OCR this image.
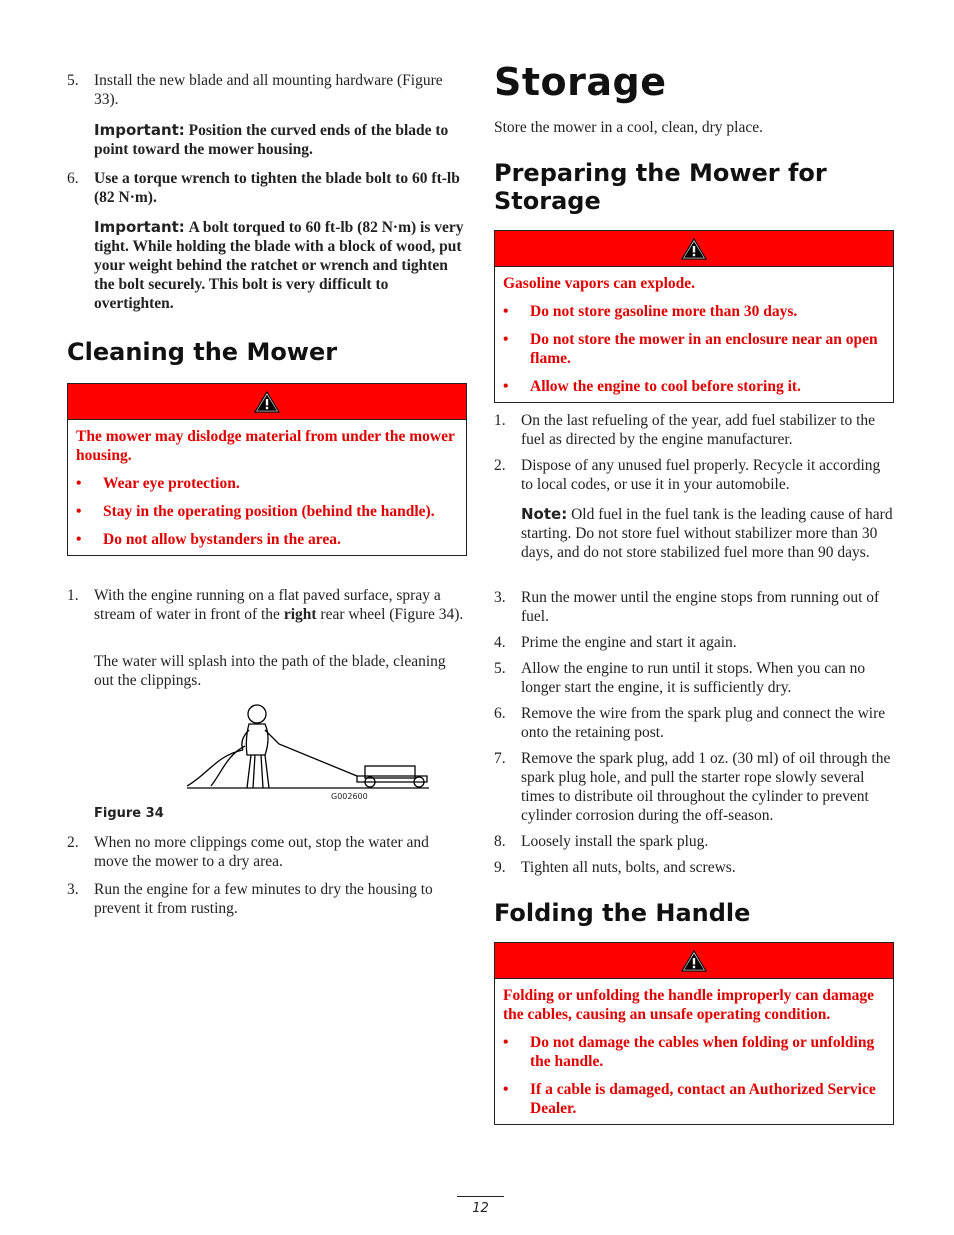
5. Install the new blade and all mounting hardware (Figure 33).
Important: Position the curved ends of the blade to point toward the mower housing.
6. Use a torque wrench to tighten the blade bolt to 60 ft-lb (82 N·m).
Important: A bolt torqued to 60 ft-lb (82 N·m) is very tight. While holding the blade with a block of wood, put your weight behind the ratchet or wrench and tighten the bolt securely. This bolt is very difficult to overtighten.
Cleaning the Mower
The mower may dislodge material from under the mower housing.
• Wear eye protection.
• Stay in the operating position (behind the handle).
• Do not allow bystanders in the area.
1. With the engine running on a flat paved surface, spray a stream of water in front of the right rear wheel (Figure 34).
The water will splash into the path of the blade, cleaning out the clippings.
G002600
Figure 34
2. When no more clippings come out, stop the water and move the mower to a dry area.
3. Run the engine for a few minutes to dry the housing to prevent it from rusting.
Storage
Store the mower in a cool, clean, dry place.
Preparing the Mower for Storage
Gasoline vapors can explode.
• Do not store gasoline more than 30 days.
• Do not store the mower in an enclosure near an open flame.
• Allow the engine to cool before storing it.
1. On the last refueling of the year, add fuel stabilizer to the fuel as directed by the engine manufacturer.
2. Dispose of any unused fuel properly. Recycle it according to local codes, or use it in your automobile.
Note: Old fuel in the fuel tank is the leading cause of hard starting. Do not store fuel without stabilizer more than 30 days, and do not store stabilized fuel more than 90 days.
3. Run the mower until the engine stops from running out of fuel.
4. Prime the engine and start it again.
5. Allow the engine to run until it stops. When you can no longer start the engine, it is sufficiently dry.
6. Remove the wire from the spark plug and connect the wire onto the retaining post.
7. Remove the spark plug, add 1 oz. (30 ml) of oil through the spark plug hole, and pull the starter rope slowly several times to distribute oil throughout the cylinder to prevent cylinder corrosion during the off-season.
8. Loosely install the spark plug.
9. Tighten all nuts, bolts, and screws.
Folding the Handle
Folding or unfolding the handle improperly can damage the cables, causing an unsafe operating condition.
• Do not damage the cables when folding or unfolding the handle.
• If a cable is damaged, contact an Authorized Service Dealer.
12
